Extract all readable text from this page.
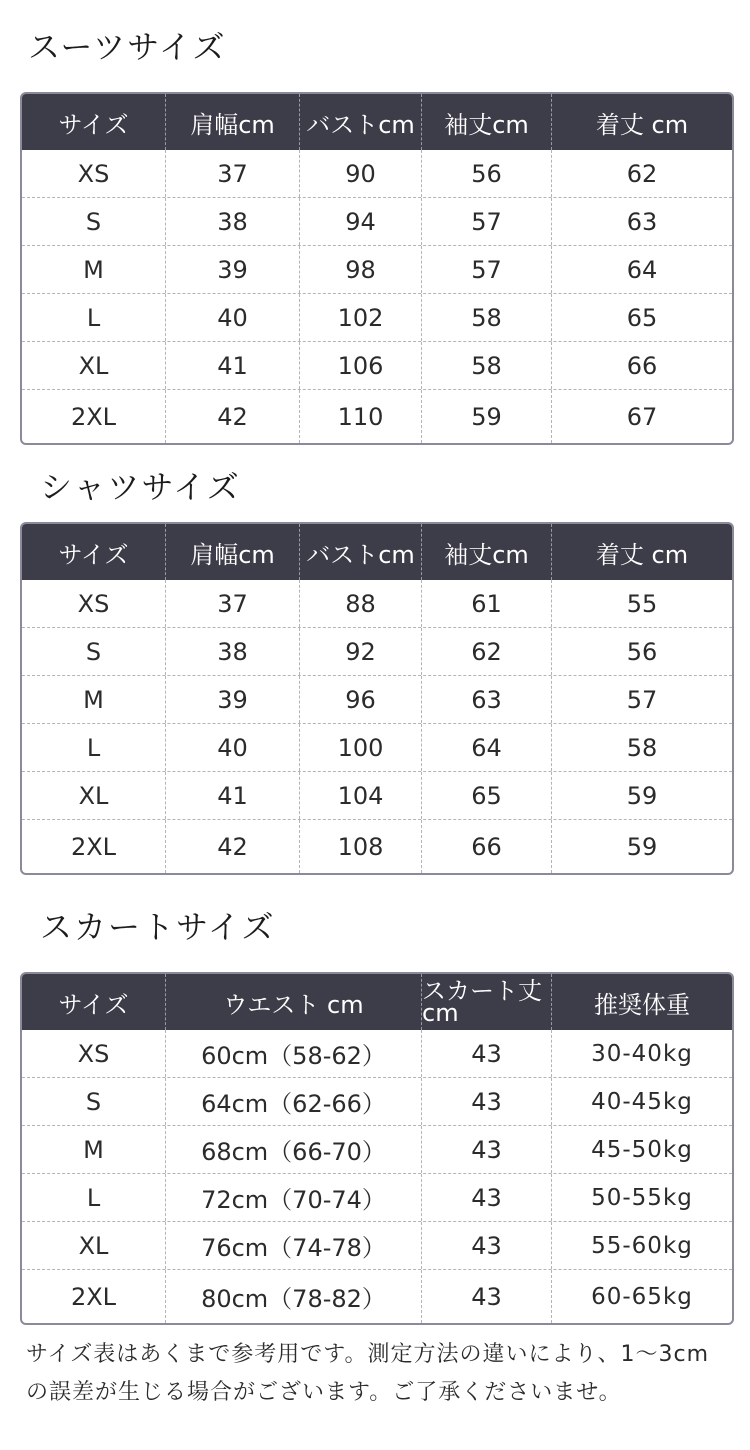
スーツサイズ
サイズ	肩幅cm	バストcm	袖丈cm	着丈 cm
XS	37	90	56	62
S	38	94	57	63
M	39	98	57	64
L	40	102	58	65
XL	41	106	58	66
2XL	42	110	59	67
シャツサイズ
サイズ	肩幅cm	バストcm	袖丈cm	着丈 cm
XS	37	88	61	55
S	38	92	62	56
M	39	96	63	57
L	40	100	64	58
XL	41	104	65	59
2XL	42	108	66	59
スカートサイズ
サイズ	ウエスト cm	スカート丈 cm	推奨体重
XS	60cm（58-62）	43	30-40kg
S	64cm（62-66）	43	40-45kg
M	68cm（66-70）	43	45-50kg
L	72cm（70-74）	43	50-55kg
XL	76cm（74-78）	43	55-60kg
2XL	80cm（78-82）	43	60-65kg
サイズ表はあくまで参考用です。測定方法の違いにより、1～3cmの誤差が生じる場合がございます。ご了承くださいませ。
